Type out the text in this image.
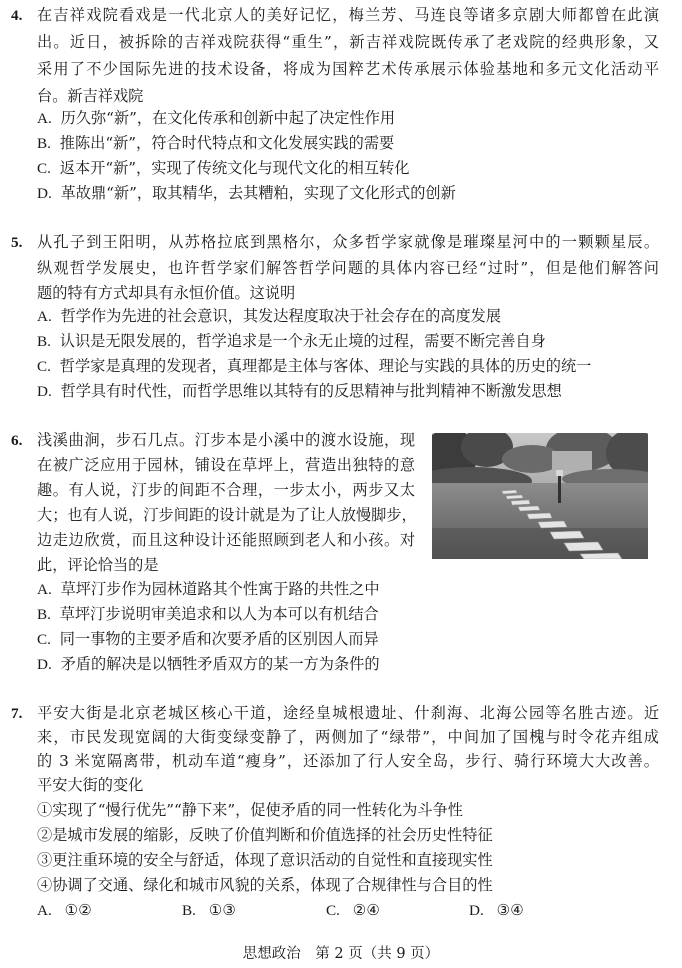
4. 在吉祥戏院看戏是一代北京人的美好记忆，梅兰芳、马连良等诸多京剧大师都曾在此演
出。近日，被拆除的吉祥戏院获得“重生”，新吉祥戏院既传承了老戏院的经典形象，又
采用了不少国际先进的技术设备，将成为国粹艺术传承展示体验基地和多元文化活动平
台。新吉祥戏院
A. 历久弥“新”，在文化传承和创新中起了决定性作用
B. 推陈出“新”，符合时代特点和文化发展实践的需要
C. 返本开“新”，实现了传统文化与现代文化的相互转化
D. 革故鼎“新”，取其精华，去其糟粕，实现了文化形式的创新
5. 从孔子到王阳明，从苏格拉底到黑格尔，众多哲学家就像是璀璨星河中的一颗颗星辰。
纵观哲学发展史，也许哲学家们解答哲学问题的具体内容已经“过时”，但是他们解答问
题的特有方式却具有永恒价值。这说明
A. 哲学作为先进的社会意识，其发达程度取决于社会存在的高度发展
B. 认识是无限发展的，哲学追求是一个永无止境的过程，需要不断完善自身
C. 哲学家是真理的发现者，真理都是主体与客体、理论与实践的具体的历史的统一
D. 哲学具有时代性，而哲学思维以其特有的反思精神与批判精神不断激发思想
6. 浅溪曲涧，步石几点。汀步本是小溪中的渡水设施，现
在被广泛应用于园林，铺设在草坪上，营造出独特的意
趣。有人说，汀步的间距不合理，一步太小，两步又太
大；也有人说，汀步间距的设计就是为了让人放慢脚步，
边走边欣赏，而且这种设计还能照顾到老人和小孩。对
此，评论恰当的是
A. 草坪汀步作为园林道路其个性寓于路的共性之中
B. 草坪汀步说明审美追求和以人为本可以有机结合
C. 同一事物的主要矛盾和次要矛盾的区别因人而异
D. 矛盾的解决是以牺牲矛盾双方的某一方为条件的
7. 平安大街是北京老城区核心干道，途经皇城根遗址、什刹海、北海公园等名胜古迹。近
来，市民发现宽阔的大街变绿变静了，两侧加了“绿带”，中间加了国槐与时令花卉组成
的 3 米宽隔离带，机动车道“瘦身”，还添加了行人安全岛，步行、骑行环境大大改善。
平安大街的变化
①实现了“慢行优先”“静下来”，促使矛盾的同一性转化为斗争性
②是城市发展的缩影，反映了价值判断和价值选择的社会历史性特征
③更注重环境的安全与舒适，体现了意识活动的自觉性和直接现实性
④协调了交通、绿化和城市风貌的关系，体现了合规律性与合目的性
A. ①②	B. ①③	C. ②④	D. ③④
思想政治　第 2 页（共 9 页）
